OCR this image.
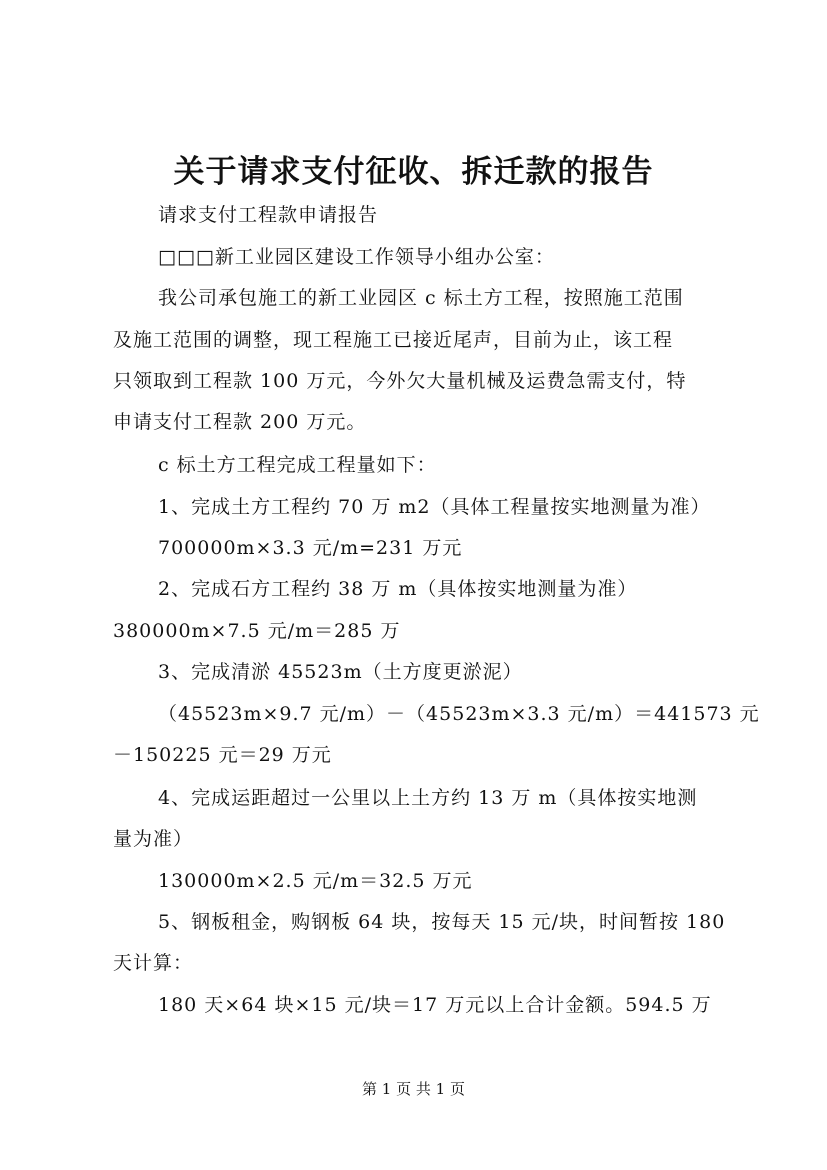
关于请求支付征收、拆迁款的报告
请求支付工程款申请报告
□□□新工业园区建设工作领导小组办公室：
我公司承包施工的新工业园区 c 标土方工程，按照施工范围
及施工范围的调整，现工程施工已接近尾声，目前为止，该工程
只领取到工程款 100 万元，今外欠大量机械及运费急需支付，特
申请支付工程款 200 万元。
c 标土方工程完成工程量如下：
1、完成土方工程约 70 万 m2（具体工程量按实地测量为准）
700000m×3.3 元/m=231 万元
2、完成石方工程约 38 万 m（具体按实地测量为准）
380000m×7.5 元/m＝285 万
3、完成清淤 45523m（土方度更淤泥）
（45523m×9.7 元/m）－（45523m×3.3 元/m）＝441573 元
－150225 元＝29 万元
4、完成运距超过一公里以上土方约 13 万 m（具体按实地测
量为准）
130000m×2.5 元/m＝32.5 万元
5、钢板租金，购钢板 64 块，按每天 15 元/块，时间暂按 180
天计算：
180 天×64 块×15 元/块＝17 万元以上合计金额。594.5 万
第 1 页 共 1 页
